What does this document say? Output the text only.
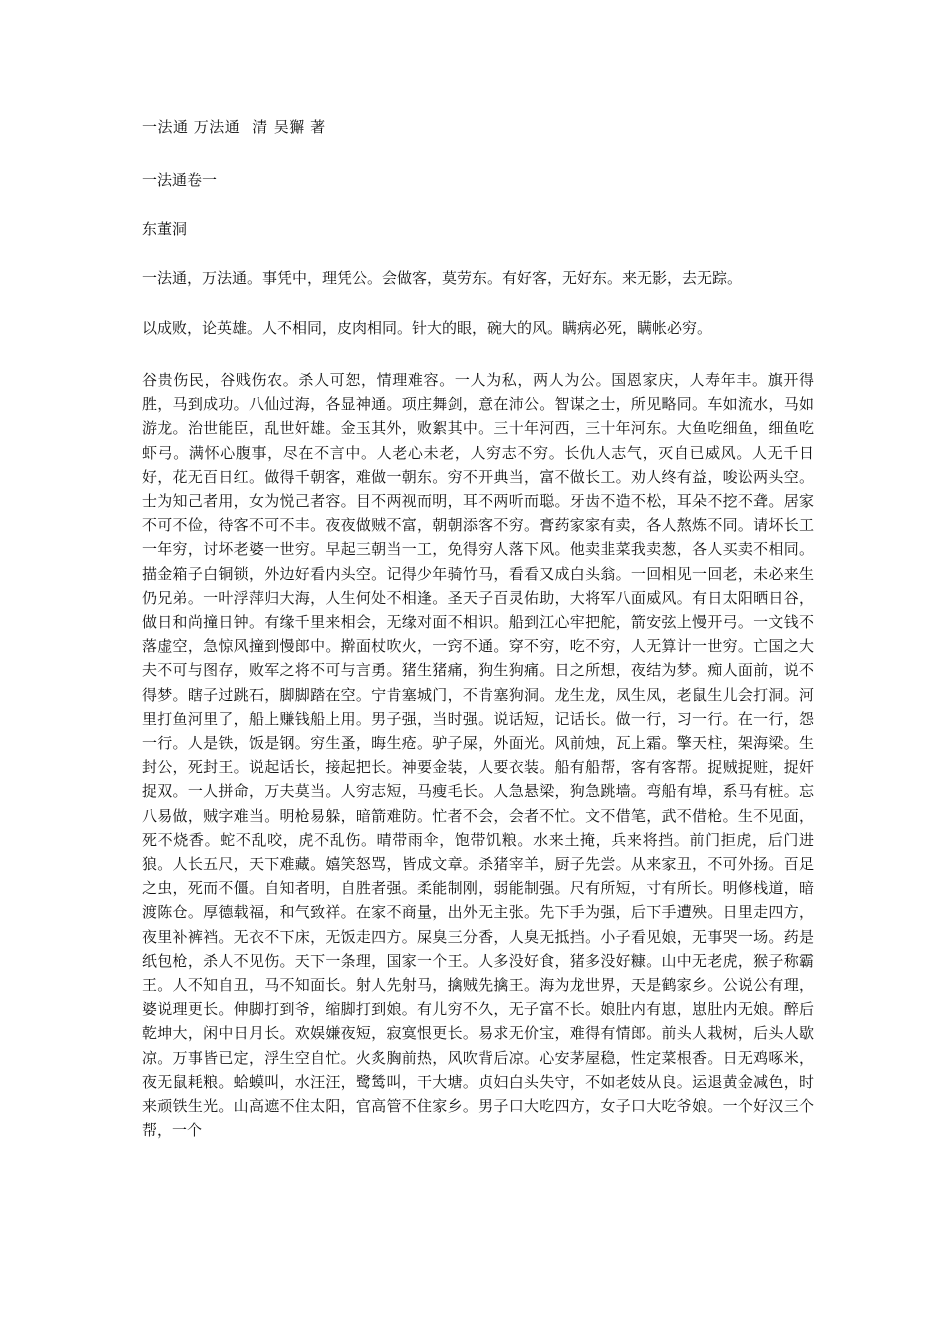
一法通 万法通 清 吴獬 著
一法通卷一
东董洞
一法通，万法通。事凭中，理凭公。会做客，莫劳东。有好客，无好东。来无影，去无踪。
以成败，论英雄。人不相同，皮肉相同。针大的眼，碗大的风。瞒病必死，瞒帐必穷。
谷贵伤民，谷贱伤农。杀人可恕，情理难容。一人为私，两人为公。国恩家庆，人寿年丰。旗开得胜，马到成功。八仙过海，各显神通。项庄舞剑，意在沛公。智谋之士，所见略同。车如流水，马如游龙。治世能臣，乱世奸雄。金玉其外，败絮其中。三十年河西，三十年河东。大鱼吃细鱼，细鱼吃虾弓。满怀心腹事，尽在不言中。人老心未老，人穷志不穷。长仇人志气，灭自已威风。人无千日好，花无百日红。做得千朝客，难做一朝东。穷不开典当，富不做长工。劝人终有益，唆讼两头空。士为知己者用，女为悦己者容。目不两视而明，耳不两听而聪。牙齿不造不松，耳朵不挖不聋。居家不可不俭，待客不可不丰。夜夜做贼不富，朝朝添客不穷。膏药家家有卖，各人熬炼不同。请坏长工一年穷，讨坏老婆一世穷。早起三朝当一工，免得穷人落下风。他卖韭菜我卖葱，各人买卖不相同。描金箱子白铜锁，外边好看内头空。记得少年骑竹马，看看又成白头翁。一回相见一回老，未必来生仍兄弟。一叶浮萍归大海，人生何处不相逢。圣天子百灵佑助，大将军八面威风。有日太阳晒日谷，做日和尚撞日钟。有缘千里来相会，无缘对面不相识。船到江心牢把舵，箭安弦上慢开弓。一文钱不落虚空，急惊风撞到慢郎中。擀面杖吹火，一窍不通。穿不穷，吃不穷，人无算计一世穷。亡国之大夫不可与图存，败军之将不可与言勇。猪生猪痛，狗生狗痛。日之所想，夜结为梦。痴人面前，说不得梦。瞎子过跳石，脚脚踏在空。宁肯塞城门，不肯塞狗洞。龙生龙，凤生凤，老鼠生儿会打洞。河里打鱼河里了，船上赚钱船上用。男子强，当时强。说话短，记话长。做一行，习一行。在一行，怨一行。人是铁，饭是钢。穷生蚤，晦生疮。驴子屎，外面光。风前烛，瓦上霜。擎天柱，架海梁。生封公，死封王。说起话长，接起把长。神要金装，人要衣装。船有船帮，客有客帮。捉贼捉赃，捉奸捉双。一人拼命，万夫莫当。人穷志短，马瘦毛长。人急悬梁，狗急跳墙。弯船有埠，系马有桩。忘八易做，贼字难当。明枪易躲，暗箭难防。忙者不会，会者不忙。文不借笔，武不借枪。生不见面，死不烧香。蛇不乱咬，虎不乱伤。晴带雨伞，饱带饥粮。水来土掩，兵来将挡。前门拒虎，后门进狼。人长五尺，天下难藏。嬉笑怒骂，皆成文章。杀猪宰羊，厨子先尝。从来家丑，不可外扬。百足之虫，死而不僵。自知者明，自胜者强。柔能制刚，弱能制强。尺有所短，寸有所长。明修栈道，暗渡陈仓。厚德载福，和气致祥。在家不商量，出外无主张。先下手为强，后下手遭殃。日里走四方，夜里补裤裆。无衣不下床，无饭走四方。屎臭三分香，人臭无抵挡。小子看见娘，无事哭一场。药是纸包枪，杀人不见伤。天下一条理，国家一个王。人多没好食，猪多没好糠。山中无老虎，猴子称霸王。人不知自丑，马不知面长。射人先射马，擒贼先擒王。海为龙世界，天是鹤家乡。公说公有理，婆说理更长。伸脚打到爷，缩脚打到娘。有儿穷不久，无子富不长。娘肚内有崽，崽肚内无娘。醉后乾坤大，闲中日月长。欢娱嫌夜短，寂寞恨更长。易求无价宝，难得有情郎。前头人栽树，后头人歇凉。万事皆已定，浮生空自忙。火炙胸前热，风吹背后凉。心安茅屋稳，性定菜根香。日无鸡啄米，夜无鼠耗粮。蛤蟆叫，水汪汪，鹭鸶叫，干大塘。贞妇白头失守，不如老妓从良。运退黄金减色，时来顽铁生光。山高遮不住太阳，官高管不住家乡。男子口大吃四方，女子口大吃爷娘。一个好汉三个帮，一个
